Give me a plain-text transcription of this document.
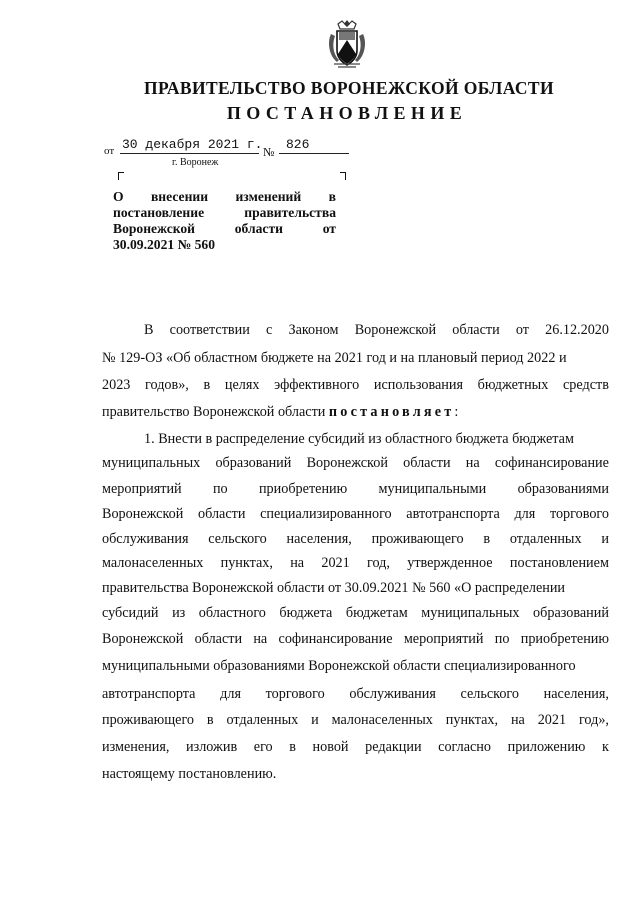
ПРАВИТЕЛЬСТВО ВОРОНЕЖСКОЙ ОБЛАСТИ
ПОСТАНОВЛЕНИЕ
от 30 декабря 2021 г. № 826
г. Воронеж
О внесении изменений в
постановление	правительства
Воронежской	области	от
30.09.2021 № 560
В соответствии с Законом Воронежской области от 26.12.2020
№ 129-ОЗ «Об областном бюджете на 2021 год и на плановый период 2022 и
2023 годов», в целях эффективного использования бюджетных средств
правительство Воронежской области постановляет:
1. Внести в распределение субсидий из областного бюджета бюджетам
муниципальных образований Воронежской области на софинансирование
мероприятий по приобретению муниципальными образованиями
Воронежской области специализированного автотранспорта для торгового
обслуживания сельского населения, проживающего в отдаленных и
малонаселенных пунктах, на 2021 год, утвержденное постановлением
правительства Воронежской области от 30.09.2021 № 560 «О распределении
субсидий из областного бюджета бюджетам муниципальных образований
Воронежской области на софинансирование мероприятий по приобретению
муниципальными образованиями Воронежской области специализированного
автотранспорта для торгового обслуживания сельского населения,
проживающего в отдаленных и малонаселенных пунктах, на 2021 год»,
изменения, изложив его в новой редакции согласно приложению к
настоящему постановлению.
